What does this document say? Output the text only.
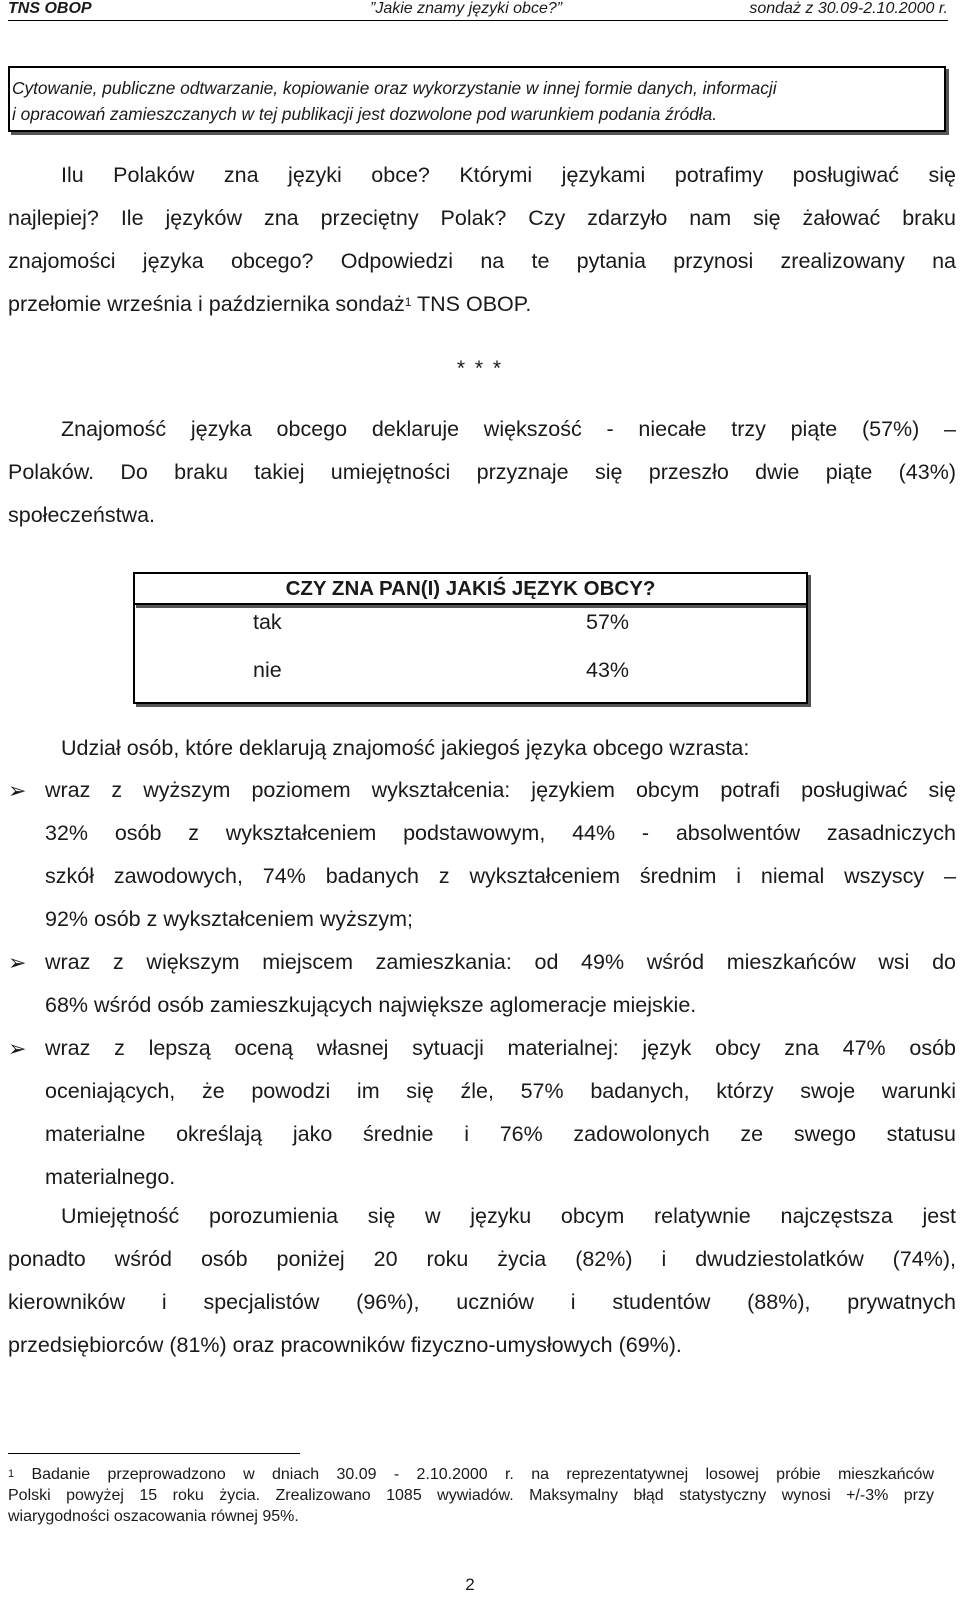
TNS OBOP	”Jakie znamy języki obce?”	sondaż z 30.09-2.10.2000 r.

Cytowanie, publiczne odtwarzanie, kopiowanie oraz wykorzystanie w innej formie danych, informacji

i opracowań zamieszczanych w tej publikacji jest dozwolone pod warunkiem podania źródła.

Ilu Polaków zna języki obce? Którymi językami potrafimy posługiwać się
najlepiej? Ile języków zna przeciętny Polak? Czy zdarzyło nam się żałować braku
znajomości języka obcego? Odpowiedzi na te pytania przynosi zrealizowany na
przełomie września i października sondaż$^1$ TNS OBOP.
* * *
Znajomość języka obcego deklaruje większość - niecałe trzy piąte (57%) –
Polaków. Do braku takiej umiejętności przyznaje się przeszło dwie piąte (43%)
społeczeństwa.
CZY ZNA PAN(I) JAKIŚ JĘZYK OBCY?
tak	57%
nie	43%
Udział osób, które deklarują znajomość jakiegoś języka obcego wzrasta:
➢ wraz z wyższym poziomem wykształcenia: językiem obcym potrafi posługiwać się
32% osób z wykształceniem podstawowym, 44% - absolwentów zasadniczych
szkół zawodowych, 74% badanych z wykształceniem średnim i niemal wszyscy –
92% osób z wykształceniem wyższym;
➢ wraz z większym miejscem zamieszkania: od 49% wśród mieszkańców wsi do
68% wśród osób zamieszkujących największe aglomeracje miejskie.
➢ wraz z lepszą oceną własnej sytuacji materialnej: język obcy zna 47% osób
oceniających, że powodzi im się źle, 57% badanych, którzy swoje warunki
materialne określają jako średnie i 76% zadowolonych ze swego statusu
materialnego.
Umiejętność porozumienia się w języku obcym relatywnie najczęstsza jest
ponadto wśród osób poniżej 20 roku życia (82%) i dwudziestolatków (74%),
kierowników i specjalistów (96%), uczniów i studentów (88%), prywatnych
przedsiębiorców (81%) oraz pracowników fizyczno-umysłowych (69%).
$^1$ Badanie przeprowadzono w dniach 30.09 - 2.10.2000 r. na reprezentatywnej losowej próbie mieszkańców
Polski powyżej 15 roku życia. Zrealizowano 1085 wywiadów. Maksymalny błąd statystyczny wynosi +/-3% przy
wiarygodności oszacowania równej 95%.
2
